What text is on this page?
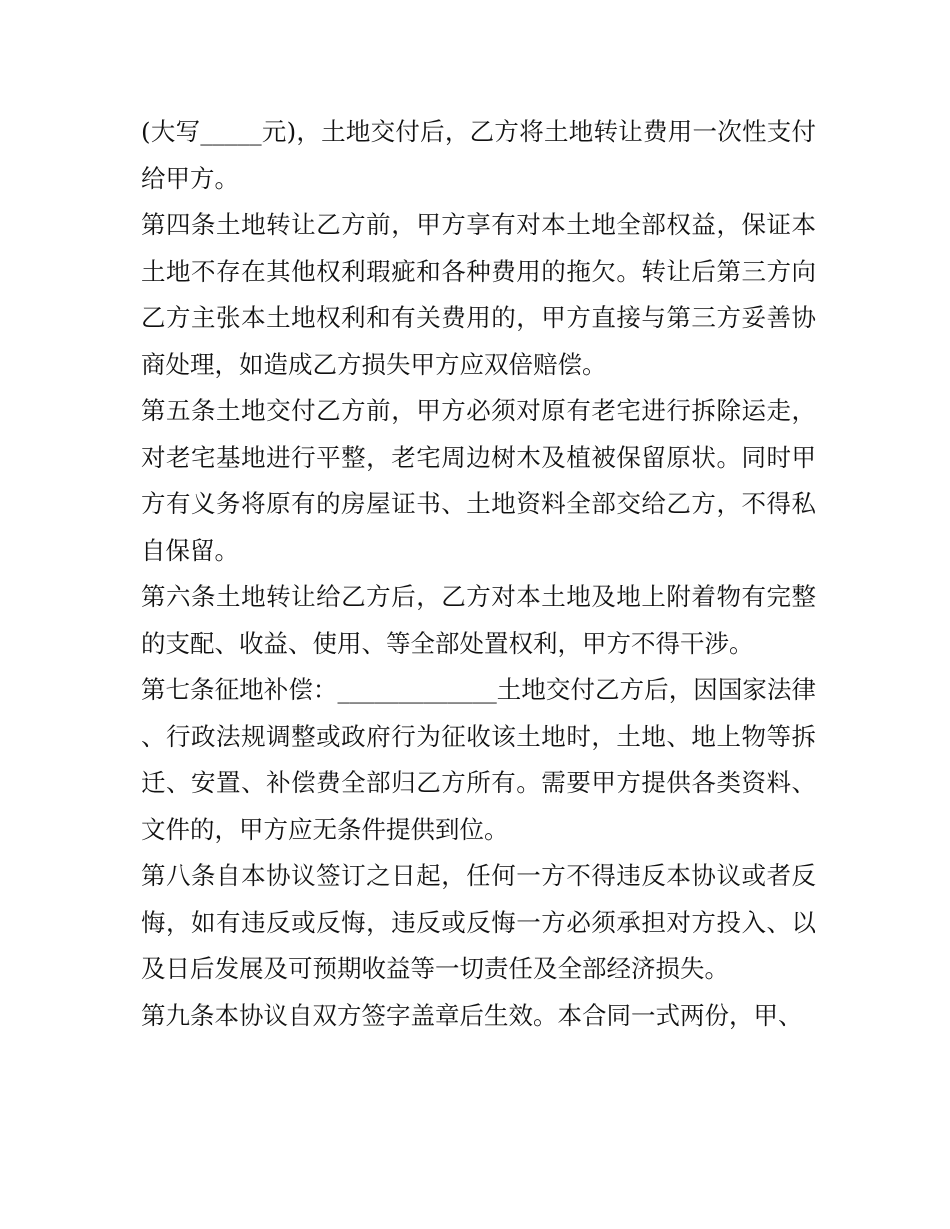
(大写_____元)，土地交付后，乙方将土地转让费用一次性支付给甲方。

第四条土地转让乙方前，甲方享有对本土地全部权益，保证本土地不存在其他权利瑕疵和各种费用的拖欠。转让后第三方向乙方主张本土地权利和有关费用的，甲方直接与第三方妥善协商处理，如造成乙方损失甲方应双倍赔偿。

第五条土地交付乙方前，甲方必须对原有老宅进行拆除运走，对老宅基地进行平整，老宅周边树木及植被保留原状。同时甲方有义务将原有的房屋证书、土地资料全部交给乙方，不得私自保留。

第六条土地转让给乙方后，乙方对本土地及地上附着物有完整的支配、收益、使用、等全部处置权利，甲方不得干涉。

第七条征地补偿：_____________土地交付乙方后，因国家法律、行政法规调整或政府行为征收该土地时，土地、地上物等拆迁、安置、补偿费全部归乙方所有。需要甲方提供各类资料、文件的，甲方应无条件提供到位。

第八条自本协议签订之日起，任何一方不得违反本协议或者反悔，如有违反或反悔，违反或反悔一方必须承担对方投入、以及日后发展及可预期收益等一切责任及全部经济损失。

第九条本协议自双方签字盖章后生效。本合同一式两份，甲、
